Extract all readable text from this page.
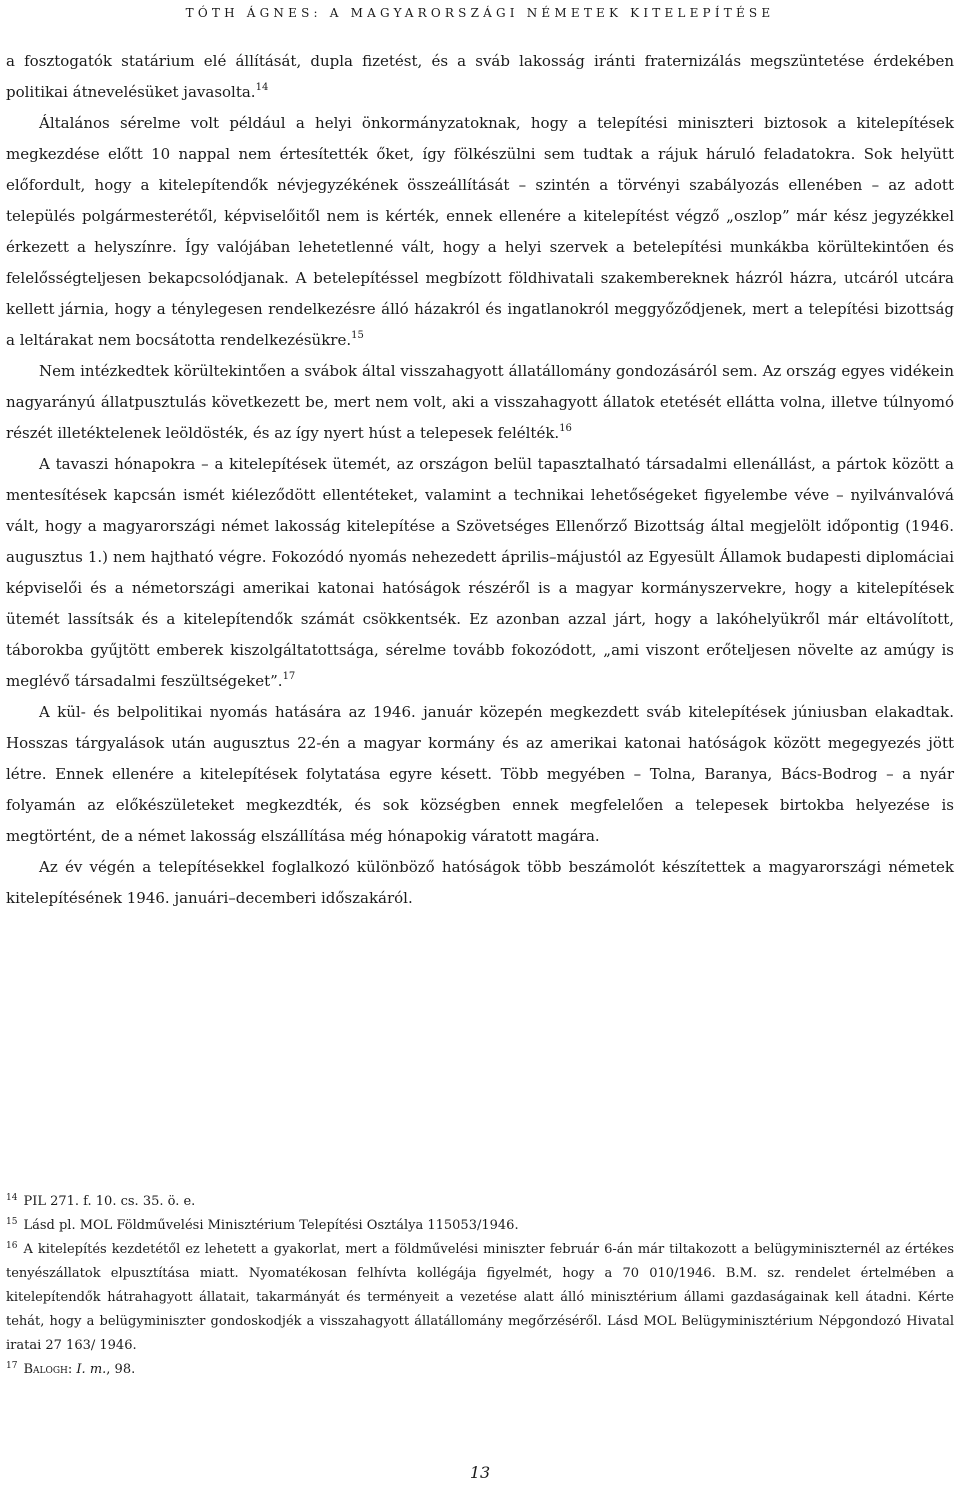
TÓTH ÁGNES: A MAGYARORSZÁGI NÉMETEK KITELEPÍTÉSE

a fosztogatók statárium elé állítását, dupla fizetést, és a sváb lakosság iránti fraternizálás megszüntetése érdekében politikai átnevelésüket javasolta.$^{14}$

Általános sérelme volt például a helyi önkormányzatoknak, hogy a telepítési miniszteri biztosok a kitelepítések megkezdése előtt 10 nappal nem értesítették őket, így fölkészülni sem tudtak a rájuk háruló feladatokra. Sok helyütt előfordult, hogy a kitelepítendők névjegyzékének összeállítását – szintén a törvényi szabályozás ellenében – az adott település polgármesterétől, képviselőitől nem is kérték, ennek ellenére a kitelepítést végző „oszlop” már kész jegyzékkel érkezett a helyszínre. Így valójában lehetetlenné vált, hogy a helyi szervek a betelepítési munkákba körültekintően és felelősségteljesen bekapcsolódjanak. A betelepítéssel megbízott földhivatali szakembereknek házról házra, utcáról utcára kellett járnia, hogy a ténylegesen rendelkezésre álló házakról és ingatlanokról meggyőződjenek, mert a telepítési bizottság a leltárakat nem bocsátotta rendelkezésükre.$^{15}$

Nem intézkedtek körültekintően a svábok által visszahagyott állatállomány gondozásáról sem. Az ország egyes vidékein nagyarányú állatpusztulás következett be, mert nem volt, aki a visszahagyott állatok etetését ellátta volna, illetve túlnyomó részét illetéktelenek leöldösték, és az így nyert húst a telepesek felélték.$^{16}$

A tavaszi hónapokra – a kitelepítések ütemét, az országon belül tapasztalható társadalmi ellenállást, a pártok között a mentesítések kapcsán ismét kiéleződött ellentéteket, valamint a technikai lehetőségeket figyelembe véve – nyilvánvalóvá vált, hogy a magyarországi német lakosság kitelepítése a Szövetséges Ellenőrző Bizottság által megjelölt időpontig (1946. augusztus 1.) nem hajtható végre. Fokozódó nyomás nehezedett április–májustól az Egyesült Államok budapesti diplomáciai képviselői és a németországi amerikai katonai hatóságok részéről is a magyar kormányszervekre, hogy a kitelepítések ütemét lassítsák és a kitelepítendők számát csökkentsék. Ez azonban azzal járt, hogy a lakóhelyükről már eltávolított, táborokba gyűjtött emberek kiszolgáltatottsága, sérelme tovább fokozódott, „ami viszont erőteljesen növelte az amúgy is meglévő társadalmi feszültségeket”.$^{17}$

A kül- és belpolitikai nyomás hatására az 1946. január közepén megkezdett sváb kitelepítések júniusban elakadtak. Hosszas tárgyalások után augusztus 22-én a magyar kormány és az amerikai katonai hatóságok között megegyezés jött létre. Ennek ellenére a kitelepítések folytatása egyre késett. Több megyében – Tolna, Baranya, Bács-Bodrog – a nyár folyamán az előkészületeket megkezdték, és sok községben ennek megfelelően a telepesek birtokba helyezése is megtörtént, de a német lakosság elszállítása még hónapokig váratott magára.

Az év végén a telepítésekkel foglalkozó különböző hatóságok több beszámolót készítettek a magyarországi németek kitelepítésének 1946. januári–decemberi időszakáról.

$^{14}$ PIL 271. f. 10. cs. 35. ö. e.

$^{15}$ Lásd pl. MOL Földművelési Minisztérium Telepítési Osztálya 115053/1946.

$^{16}$ A kitelepítés kezdetétől ez lehetett a gyakorlat, mert a földművelési miniszter február 6-án már tiltakozott a belügyminiszternél az értékes tenyészállatok elpusztítása miatt. Nyomatékosan felhívta kollégája figyelmét, hogy a 70 010/1946. B.M. sz. rendelet értelmében a kitelepítendők hátrahagyott állatait, takarmányát és terményeit a vezetése alatt álló minisztérium állami gazdaságainak kell átadni. Kérte tehát, hogy a belügyminiszter gondoskodjék a visszahagyott állatállomány megőrzéséről. Lásd MOL Belügyminisztérium Népgondozó Hivatal iratai 27 163/ 1946.

$^{17}$ Balogh: I. m., 98.

13
